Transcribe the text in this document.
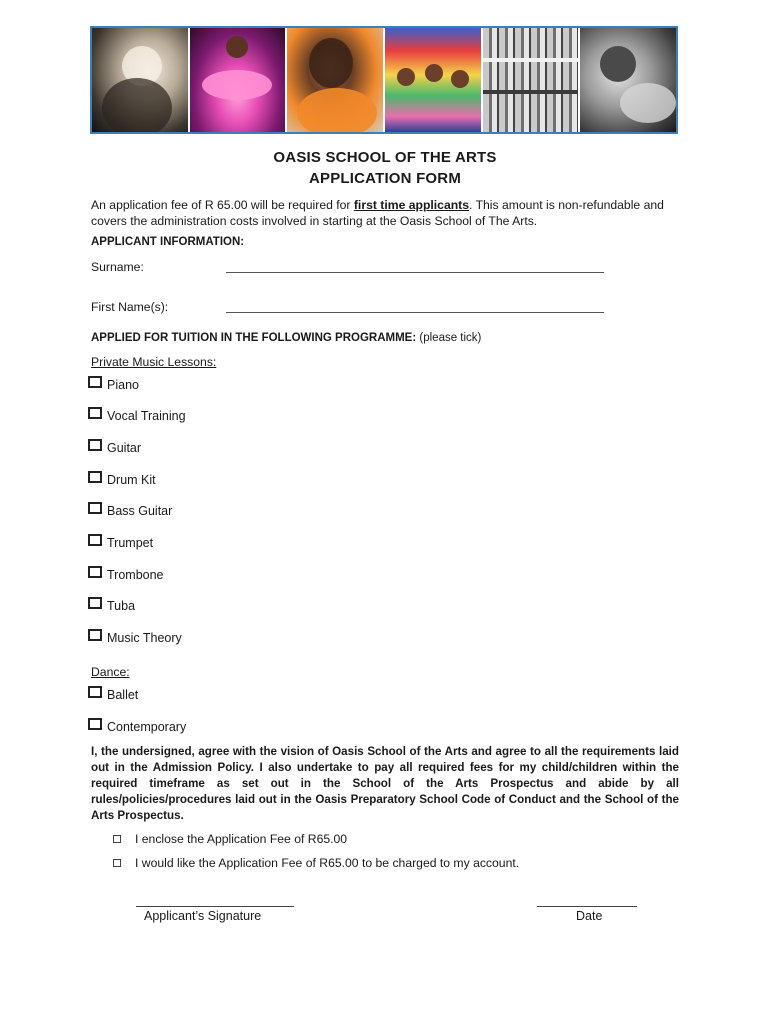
OASIS SCHOOL OF THE ARTS
APPLICATION FORM
An application fee of R 65.00 will be required for first time applicants. This amount is non-refundable and covers the administration costs involved in starting at the Oasis School of The Arts.
APPLICANT INFORMATION:
Surname:
First Name(s):
APPLIED FOR TUITION IN THE FOLLOWING PROGRAMME: (please tick)
Private Music Lessons:
Piano
Vocal Training
Guitar
Drum Kit
Bass Guitar
Trumpet
Trombone
Tuba
Music Theory
Dance:
Ballet
Contemporary
I, the undersigned, agree with the vision of Oasis School of the Arts and agree to all the requirements laid out in the Admission Policy. I also undertake to pay all required fees for my child/children within the required timeframe as set out in the School of the Arts Prospectus and abide by all rules/policies/procedures laid out in the Oasis Preparatory School Code of Conduct and the School of the Arts Prospectus.
I enclose the Application Fee of R65.00
I would like the Application Fee of R65.00 to be charged to my account.
Applicant’s Signature	Date
